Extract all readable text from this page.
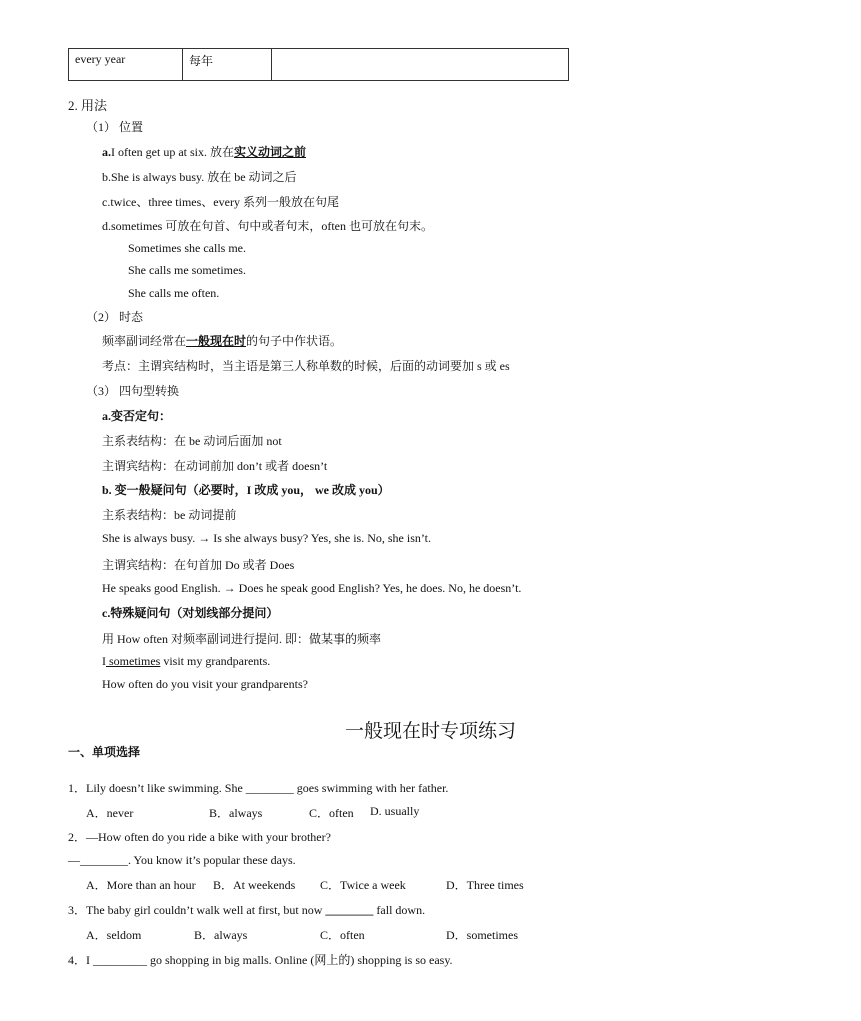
every year	每年	
2. 用法
（1） 位置
a.I often get up at six. 放在实义动词之前
b.She is always busy. 放在 be 动词之后
c.twice、three times、every 系列一般放在句尾
d.sometimes 可放在句首、句中或者句末，often 也可放在句末。
Sometimes she calls me.
She calls me sometimes.
She calls me often.
（2） 时态
频率副词经常在一般现在时的句子中作状语。
考点：主谓宾结构时，当主语是第三人称单数的时候，后面的动词要加 s 或 es
（3） 四句型转换
a.变否定句：
主系表结构：在 be 动词后面加 not
主谓宾结构：在动词前加 don’t 或者 doesn’t
b. 变一般疑问句（必要时，I 改成 you， we 改成 you）
主系表结构：be 动词提前
She is always busy. → Is she always busy? Yes, she is. No, she isn’t.
主谓宾结构：在句首加 Do 或者 Does
He speaks good English. → Does he speak good English? Yes, he does. No, he doesn’t.
c.特殊疑问句（对划线部分提问）
用 How often 对频率副词进行提问. 即：做某事的频率
I sometimes visit my grandparents.
How often do you visit your grandparents?
一般现在时专项练习
一、单项选择
1．Lily doesn’t like swimming. She ________ goes swimming with her father.
A．never	B．always	C．often D. usually
2．—How often do you ride a bike with your brother?
—________. You know it’s popular these days.
A．More than an hour B．At weekends C．Twice a week	D．Three times
3．The baby girl couldn’t walk well at first, but now ________ fall down.
A．seldom	B．always	C．often	D．sometimes
4．I _________ go shopping in big malls. Online (网上的) shopping is so easy.
